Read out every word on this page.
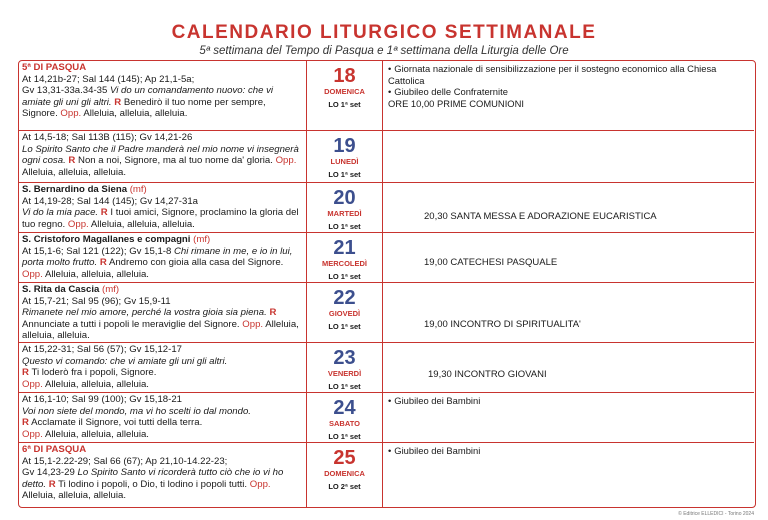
CALENDARIO LITURGICO SETTIMANALE
5ª settimana del Tempo di Pasqua e 1ª settimana della Liturgia delle Ore
5ª DI PASQUA
At 14,21b-27; Sal 144 (145); Ap 21,1-5a;
Gv 13,31-33a.34-35 Vi do un comandamento nuovo: che vi amiate gli uni gli altri. R Benedirò il tuo nome per sempre, Signore. Opp. Alleluia, alleluia, alleluia.
18
DOMENICA
LO 1ª set
• Giornata nazionale di sensibilizzazione per il sostegno economico alla Chiesa Cattolica
• Giubileo delle Confraternite
ORE 10,00 PRIME COMUNIONI
At 14,5-18; Sal 113B (115); Gv 14,21-26
Lo Spirito Santo che il Padre manderà nel mio nome vi insegnerà ogni cosa. R Non a noi, Signore, ma al tuo nome da' gloria. Opp. Alleluia, alleluia, alleluia.
19
LUNEDÌ
LO 1ª set
S. Bernardino da Siena (mf)
At 14,19-28; Sal 144 (145); Gv 14,27-31a
Vi do la mia pace. R I tuoi amici, Signore, proclamino la gloria del tuo regno. Opp. Alleluia, alleluia, alleluia.
20
MARTEDÌ
LO 1ª set
20,30 SANTA MESSA E ADORAZIONE EUCARISTICA
S. Cristoforo Magallanes e compagni (mf)
At 15,1-6; Sal 121 (122); Gv 15,1-8 Chi rimane in me, e io in lui, porta molto frutto. R Andremo con gioia alla casa del Signore. Opp. Alleluia, alleluia, alleluia.
21
MERCOLEDÌ
LO 1ª set
19,00 CATECHESI PASQUALE
S. Rita da Cascia (mf)
At 15,7-21; Sal 95 (96); Gv 15,9-11
Rimanete nel mio amore, perché la vostra gioia sia piena. R Annunciate a tutti i popoli le meraviglie del Signore. Opp. Alleluia, alleluia, alleluia.
22
GIOVEDÌ
LO 1ª set	19,00 INCONTRO DI SPIRITUALITA'
At 15,22-31; Sal 56 (57); Gv 15,12-17
Questo vi comando: che vi amiate gli uni gli altri.
R Ti loderò fra i popoli, Signore.
Opp. Alleluia, alleluia, alleluia.
23
VENERDÌ
LO 1ª set
19,30 INCONTRO GIOVANI
At 16,1-10; Sal 99 (100); Gv 15,18-21
Voi non siete del mondo, ma vi ho scelti io dal mondo.
R Acclamate il Signore, voi tutti della terra.
Opp. Alleluia, alleluia, alleluia.
24
SABATO
LO 1ª set
• Giubileo dei Bambini
6ª DI PASQUA
At 15,1-2.22-29; Sal 66 (67); Ap 21,10-14.22-23;
Gv 14,23-29 Lo Spirito Santo vi ricorderà tutto ciò che io vi ho detto. R Ti lodino i popoli, o Dio, ti lodino i popoli tutti. Opp. Alleluia, alleluia, alleluia.
25
DOMENICA
LO 2ª set
• Giubileo dei Bambini
© Editrice ELLEDICI - Torino 2024
